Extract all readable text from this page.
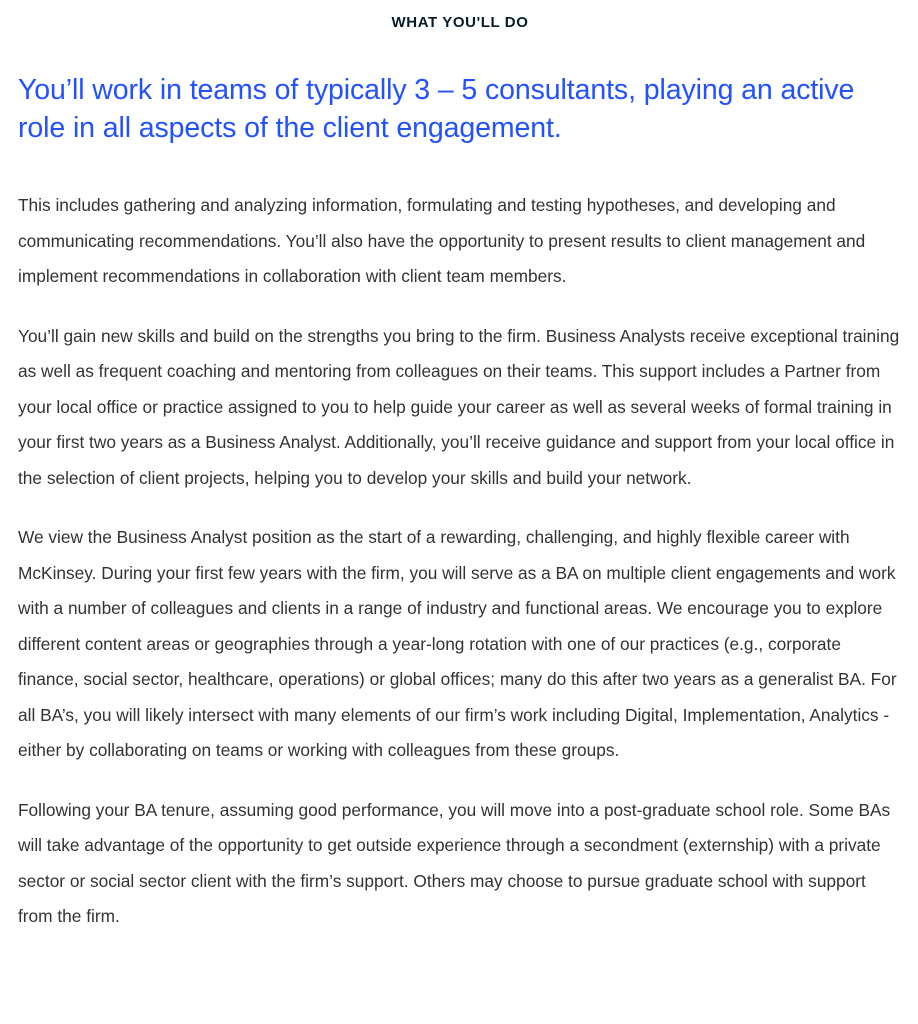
WHAT YOU'LL DO
You’ll work in teams of typically 3 – 5 consultants, playing an active role in all aspects of the client engagement.

This includes gathering and analyzing information, formulating and testing hypotheses, and developing and communicating recommendations. You’ll also have the opportunity to present results to client management and implement recommendations in collaboration with client team members.

You’ll gain new skills and build on the strengths you bring to the firm. Business Analysts receive exceptional training as well as frequent coaching and mentoring from colleagues on their teams. This support includes a Partner from your local office or practice assigned to you to help guide your career as well as several weeks of formal training in your first two years as a Business Analyst. Additionally, you’ll receive guidance and support from your local office in the selection of client projects, helping you to develop your skills and build your network.

We view the Business Analyst position as the start of a rewarding, challenging, and highly flexible career with McKinsey. During your first few years with the firm, you will serve as a BA on multiple client engagements and work with a number of colleagues and clients in a range of industry and functional areas. We encourage you to explore different content areas or geographies through a year-long rotation with one of our practices (e.g., corporate finance, social sector, healthcare, operations) or global offices; many do this after two years as a generalist BA. For all BA’s, you will likely intersect with many elements of our firm’s work including Digital, Implementation, Analytics - either by collaborating on teams or working with colleagues from these groups.

Following your BA tenure, assuming good performance, you will move into a post-graduate school role. Some BAs will take advantage of the opportunity to get outside experience through a secondment (externship) with a private sector or social sector client with the firm’s support. Others may choose to pursue graduate school with support from the firm.
